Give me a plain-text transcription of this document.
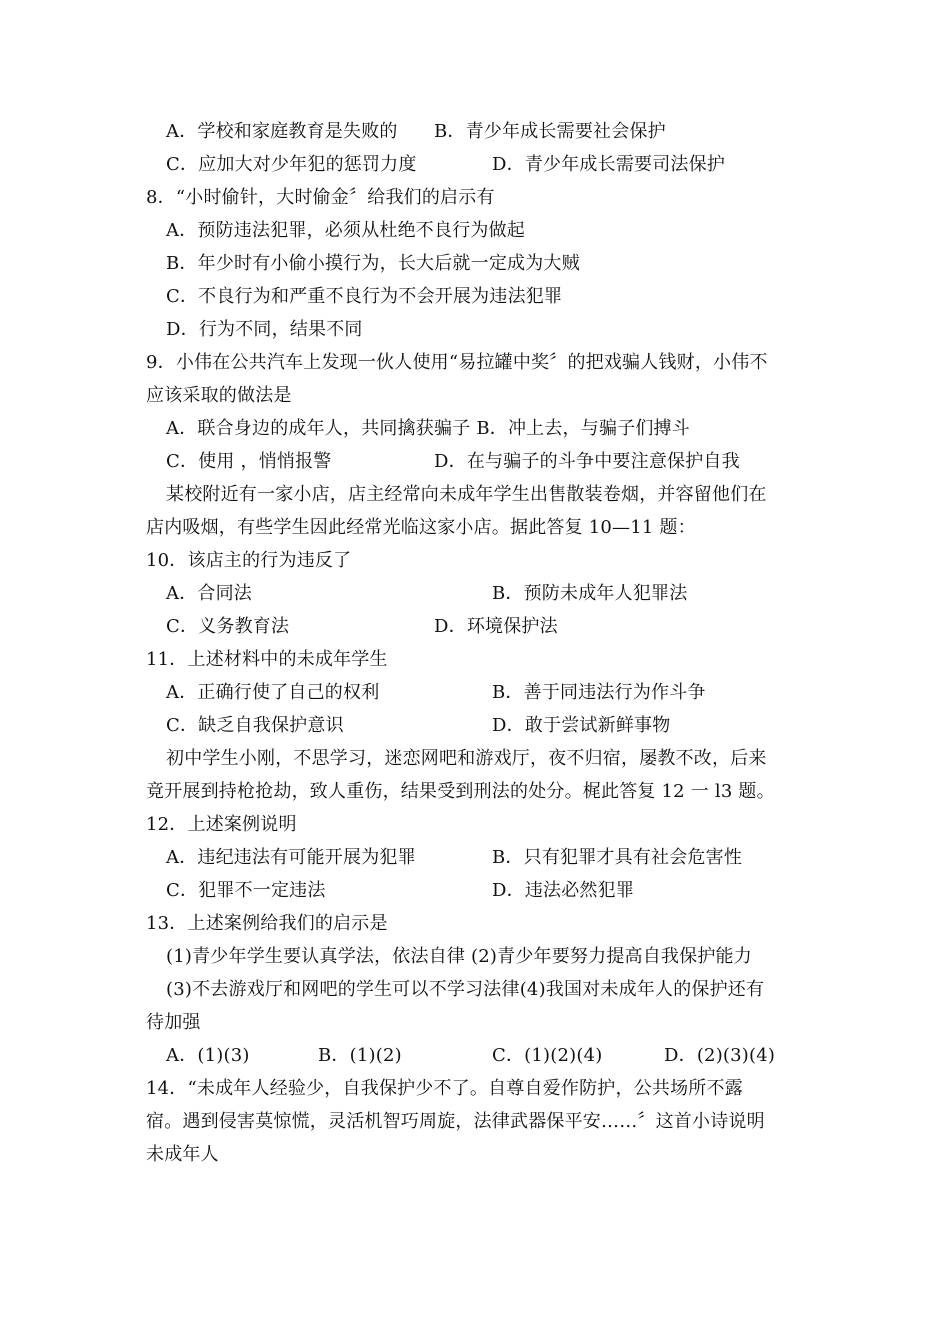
A．学校和家庭教育是失败的 B．青少年成长需要社会保护
C．应加大对少年犯的惩罚力度	D．青少年成长需要司法保护
8．“小时偷针，大时偷金〞给我们的启示有
A．预防违法犯罪，必须从杜绝不良行为做起
B．年少时有小偷小摸行为，长大后就一定成为大贼
C．不良行为和严重不良行为不会开展为违法犯罪
D．行为不同，结果不同
9．小伟在公共汽车上发现一伙人使用“易拉罐中奖〞的把戏骗人钱财，小伟不
应该采取的做法是
A．联合身边的成年人，共同擒获骗子 B．冲上去，与骗子们搏斗
C．使用 ，悄悄报警	D．在与骗子的斗争中要注意保护自我
某校附近有一家小店，店主经常向未成年学生出售散装卷烟，并容留他们在
店内吸烟，有些学生因此经常光临这家小店。据此答复 10—11 题：
10．该店主的行为违反了
A．合同法	B．预防未成年人犯罪法
C．义务教育法	D．环境保护法
11．上述材料中的未成年学生
A．正确行使了自己的权利	B．善于同违法行为作斗争
C．缺乏自我保护意识	D．敢于尝试新鲜事物
初中学生小刚，不思学习，迷恋网吧和游戏厅，夜不归宿，屡教不改，后来
竟开展到持枪抢劫，致人重伤，结果受到刑法的处分。梶此答复 12 一 l3 题。
12．上述案例说明
A．违纪违法有可能开展为犯罪	B．只有犯罪才具有社会危害性
C．犯罪不一定违法	D．违法必然犯罪
13．上述案例给我们的启示是
(1)青少年学生要认真学法，依法自律 (2)青少年要努力提高自我保护能力
(3)不去游戏厅和网吧的学生可以不学习法律(4)我国对未成年人的保护还有
待加强
A．(1)(3)	B．(1)(2)	C．(1)(2)(4)	D．(2)(3)(4)
14．“未成年人经验少，自我保护少不了。自尊自爱作防护，公共场所不露
宿。遇到侵害莫惊慌，灵活机智巧周旋，法律武器保平安……〞这首小诗说明
未成年人
